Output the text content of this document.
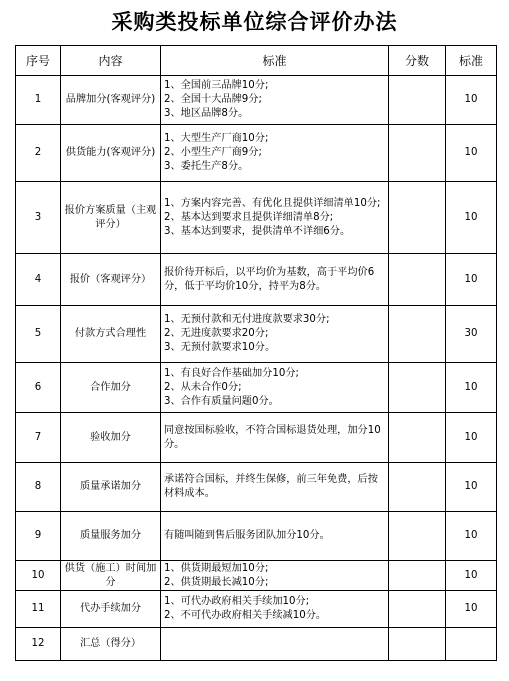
采购类投标单位综合评价办法
序号	内容	标准	分数	标准
1	品牌加分(客观评分)	1、全国前三品牌10分;
2、全国十大品牌9分;
3、地区品牌8分。		10
2	供货能力(客观评分)	1、大型生产厂商10分;
2、小型生产厂商9分;
3、委托生产8分。		10
3	报价方案质量（主观评分）	1、方案内容完善、有优化且提供详细清单10分;
2、基本达到要求且提供详细清单8分;
3、基本达到要求，提供清单不详细6分。		10
4	报价（客观评分）	报价待开标后，以平均价为基数，高于平均价6分，低于平均价10分，持平为8分。		10
5	付款方式合理性	1、无预付款和无付进度款要求30分;
2、无进度款要求20分;
3、无预付款要求10分。		30
6	合作加分	1、有良好合作基础加分10分;
2、从未合作0分;
3、合作有质量问题0分。		10
7	验收加分	同意按国标验收，不符合国标退货处理，加分10分。		10
8	质量承诺加分	承诺符合国标，并终生保修，前三年免费，后按材料成本。		10
9	质量服务加分	有随叫随到售后服务团队加分10分。		10
10	供货（施工）时间加分	1、供货期最短加10分;
2、供货期最长减10分;		10
11	代办手续加分	1、可代办政府相关手续加10分;
2、不可代办政府相关手续减10分。		10
12	汇总（得分）			
